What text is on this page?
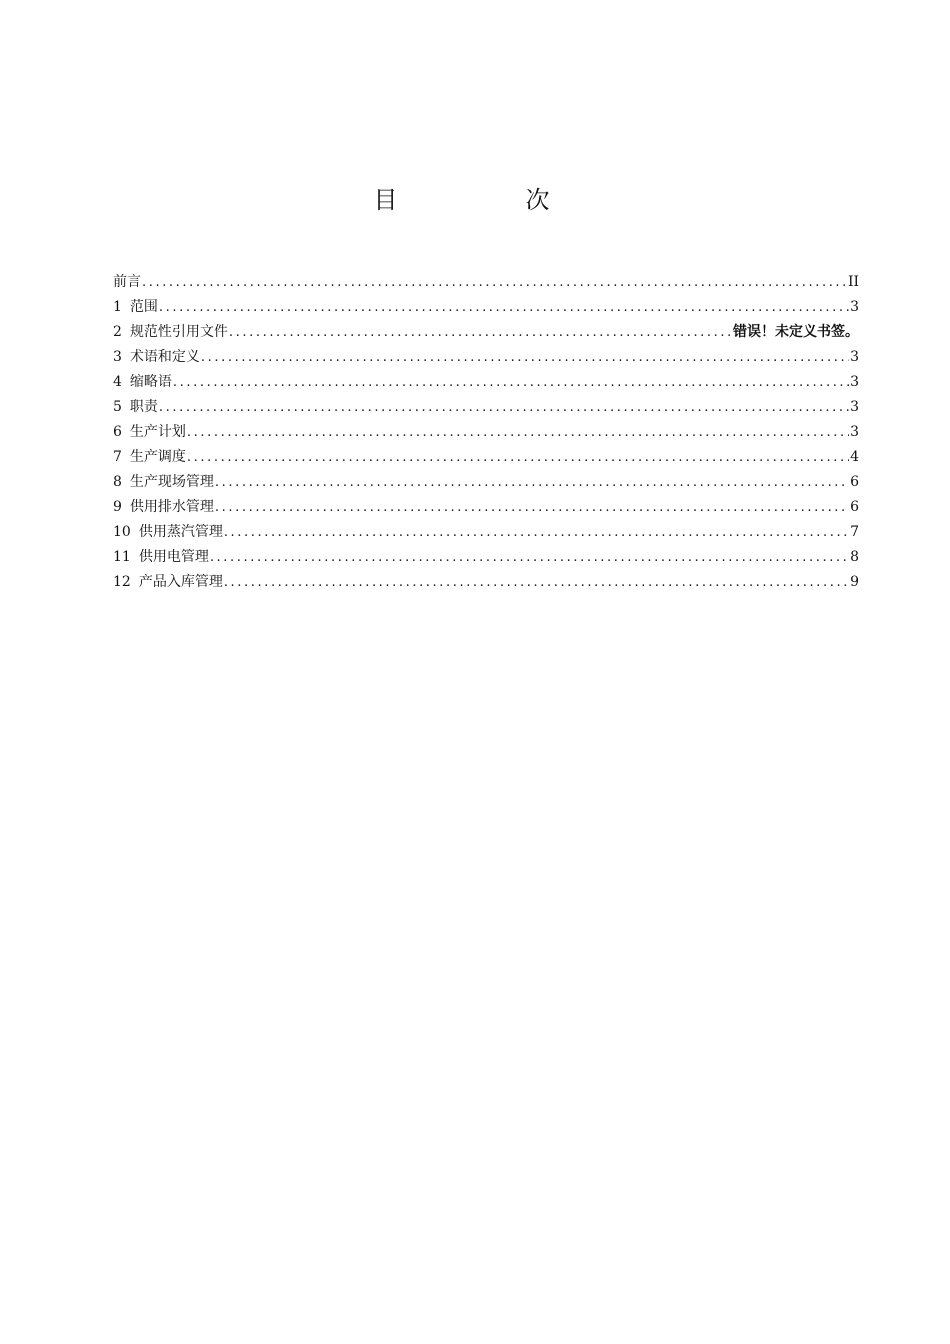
目　次
前言 .....	II
1 范围 .....	3
2 规范性引用文件 .....	错误！未定义书签。
3 术语和定义 .....	3
4 缩略语 .....	3
5 职责 .....	3
6 生产计划 .....	3
7 生产调度 .....	4
8 生产现场管理 .....	6
9 供用排水管理 .....	6
10 供用蒸汽管理 .....	7
11 供用电管理 .....	8
12 产品入库管理 .....	9
